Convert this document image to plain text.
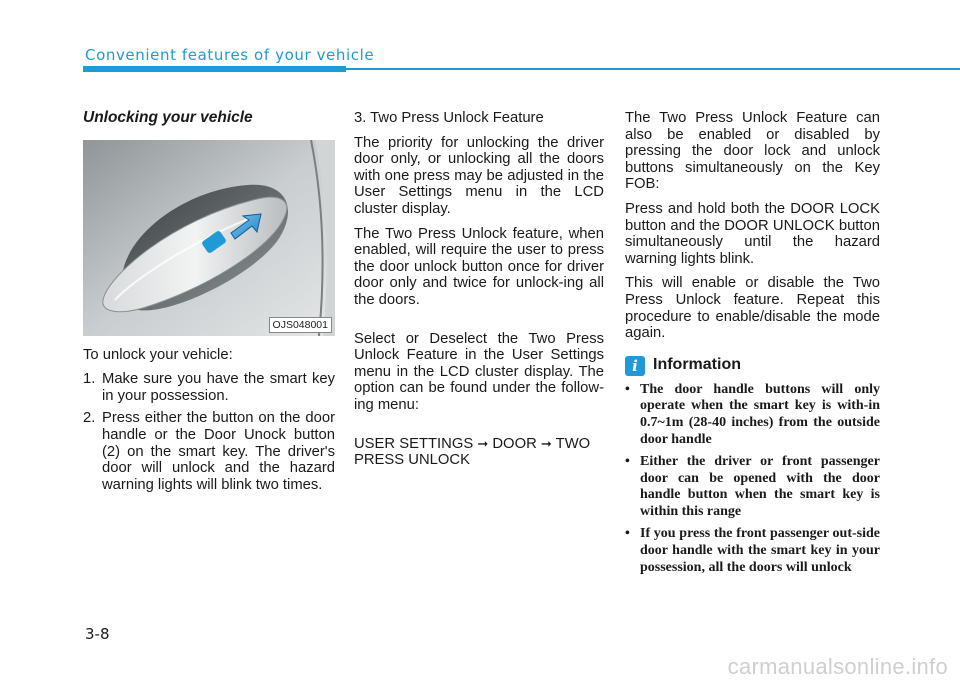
Convenient features of your vehicle
Unlocking your vehicle
OJS048001

To unlock your vehicle:

1. Make sure you have the smart key in your possession.
2. Press either the button on the door handle or the Door Unock button (2) on the smart key. The driver's door will unlock and the hazard warning lights will blink two times.

3. Two Press Unlock Feature

The priority for unlocking the driver door only, or unlocking all the doors with one press may be adjusted in the User Settings menu in the LCD cluster display.

The Two Press Unlock feature, when enabled, will require the user to press the door unlock button once for driver door only and twice for unlock-ing all the doors.

Select or Deselect the Two Press Unlock Feature in the User Settings menu in the LCD cluster display. The option can be found under the follow-ing menu:

USER SETTINGS ➞ DOOR ➞ TWO PRESS UNLOCK

The Two Press Unlock Feature can also be enabled or disabled by pressing the door lock and unlock buttons simultaneously on the Key FOB:

Press and hold both the DOOR LOCK button and the DOOR UNLOCK button simultaneously until the hazard warning lights blink.

This will enable or disable the Two Press Unlock feature. Repeat this procedure to enable/disable the mode again.

i Information
• The door handle buttons will only operate when the smart key is with-in 0.7~1m (28-40 inches) from the outside door handle
• Either the driver or front passenger door can be opened with the door handle button when the smart key is within this range
• If you press the front passenger out-side door handle with the smart key in your possession, all the doors will unlock
3-8
carmanualsonline.info
